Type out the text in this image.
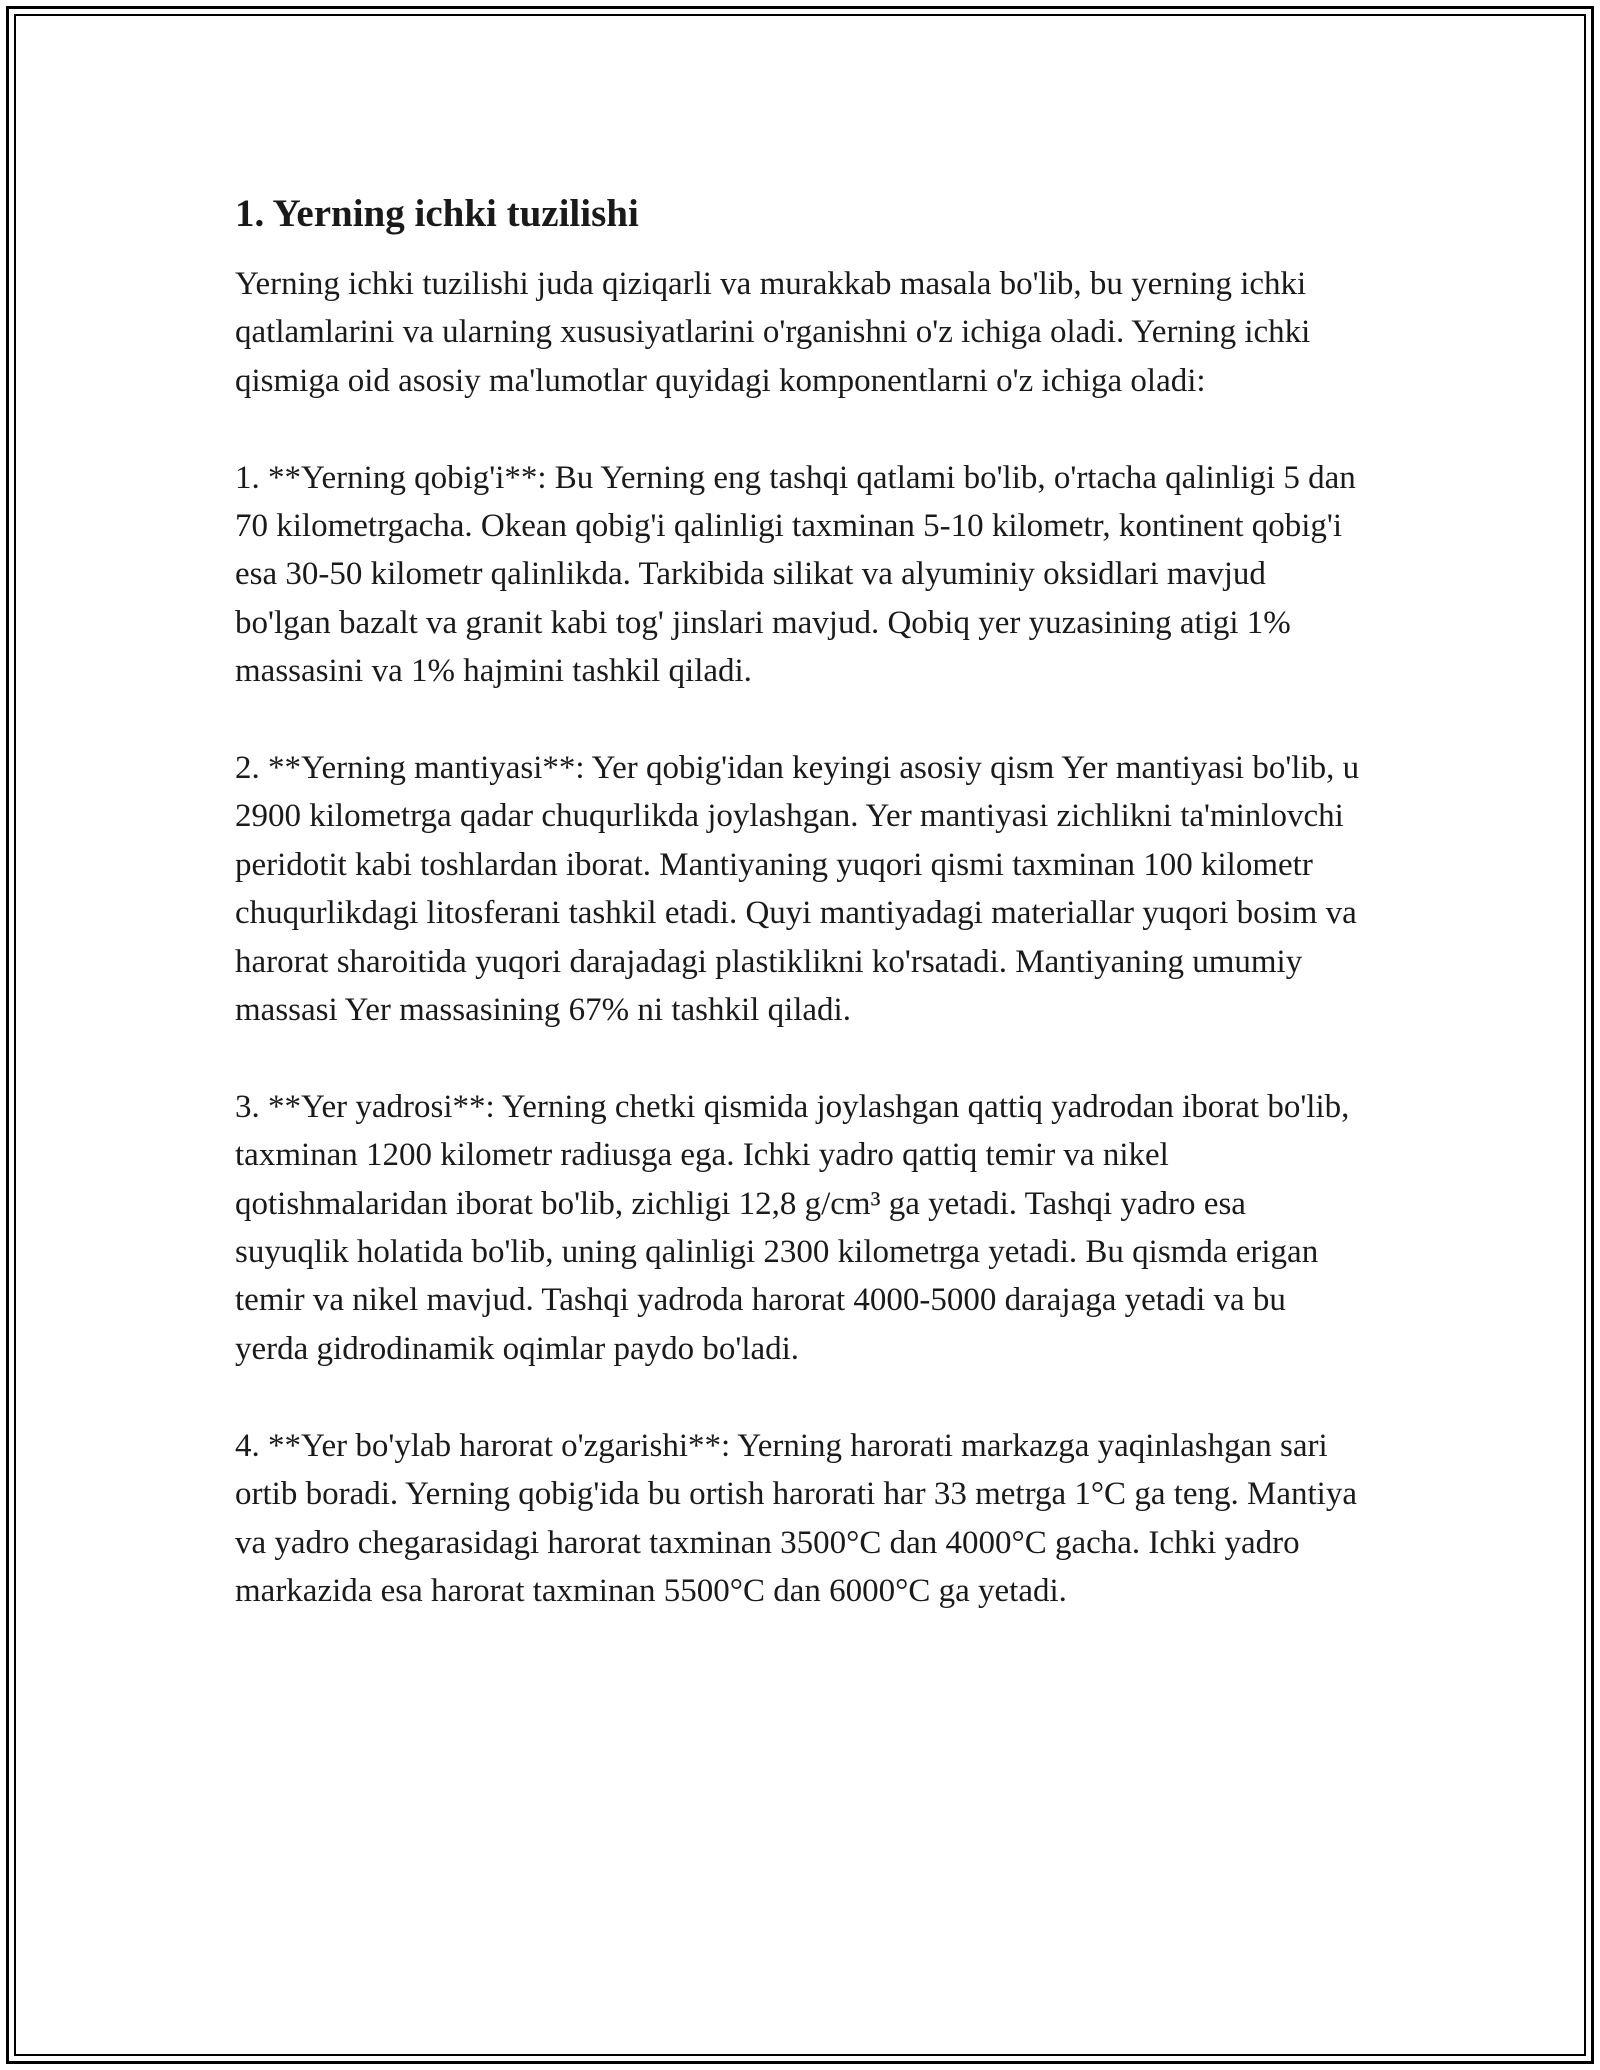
1. Yerning ichki tuzilishi

Yerning ichki tuzilishi juda qiziqarli va murakkab masala bo'lib, bu yerning ichki qatlamlarini va ularning xususiyatlarini o'rganishni o'z ichiga oladi. Yerning ichki qismiga oid asosiy ma'lumotlar quyidagi komponentlarni o'z ichiga oladi:

1. **Yerning qobig'i**: Bu Yerning eng tashqi qatlami bo'lib, o'rtacha qalinligi 5 dan 70 kilometrgacha. Okean qobig'i qalinligi taxminan 5-10 kilometr, kontinent qobig'i esa 30-50 kilometr qalinlikda. Tarkibida silikat va alyuminiy oksidlari mavjud bo'lgan bazalt va granit kabi tog' jinslari mavjud. Qobiq yer yuzasining atigi 1% massasini va 1% hajmini tashkil qiladi.

2. **Yerning mantiyasi**: Yer qobig'idan keyingi asosiy qism Yer mantiyasi bo'lib, u 2900 kilometrga qadar chuqurlikda joylashgan. Yer mantiyasi zichlikni ta'minlovchi peridotit kabi toshlardan iborat. Mantiyaning yuqori qismi taxminan 100 kilometr chuqurlikdagi litosferani tashkil etadi. Quyi mantiyadagi materiallar yuqori bosim va harorat sharoitida yuqori darajadagi plastiklikni ko'rsatadi. Mantiyaning umumiy massasi Yer massasining 67% ni tashkil qiladi.

3. **Yer yadrosi**: Yerning chetki qismida joylashgan qattiq yadrodan iborat bo'lib, taxminan 1200 kilometr radiusga ega. Ichki yadro qattiq temir va nikel qotishmalaridan iborat bo'lib, zichligi 12,8 g/cm³ ga yetadi. Tashqi yadro esa suyuqlik holatida bo'lib, uning qalinligi 2300 kilometrga yetadi. Bu qismda erigan temir va nikel mavjud. Tashqi yadroda harorat 4000-5000 darajaga yetadi va bu yerda gidrodinamik oqimlar paydo bo'ladi.

4. **Yer bo'ylab harorat o'zgarishi**: Yerning harorati markazga yaqinlashgan sari ortib boradi. Yerning qobig'ida bu ortish harorati har 33 metrga 1°C ga teng. Mantiya va yadro chegarasidagi harorat taxminan 3500°C dan 4000°C gacha. Ichki yadro markazida esa harorat taxminan 5500°C dan 6000°C ga yetadi.
